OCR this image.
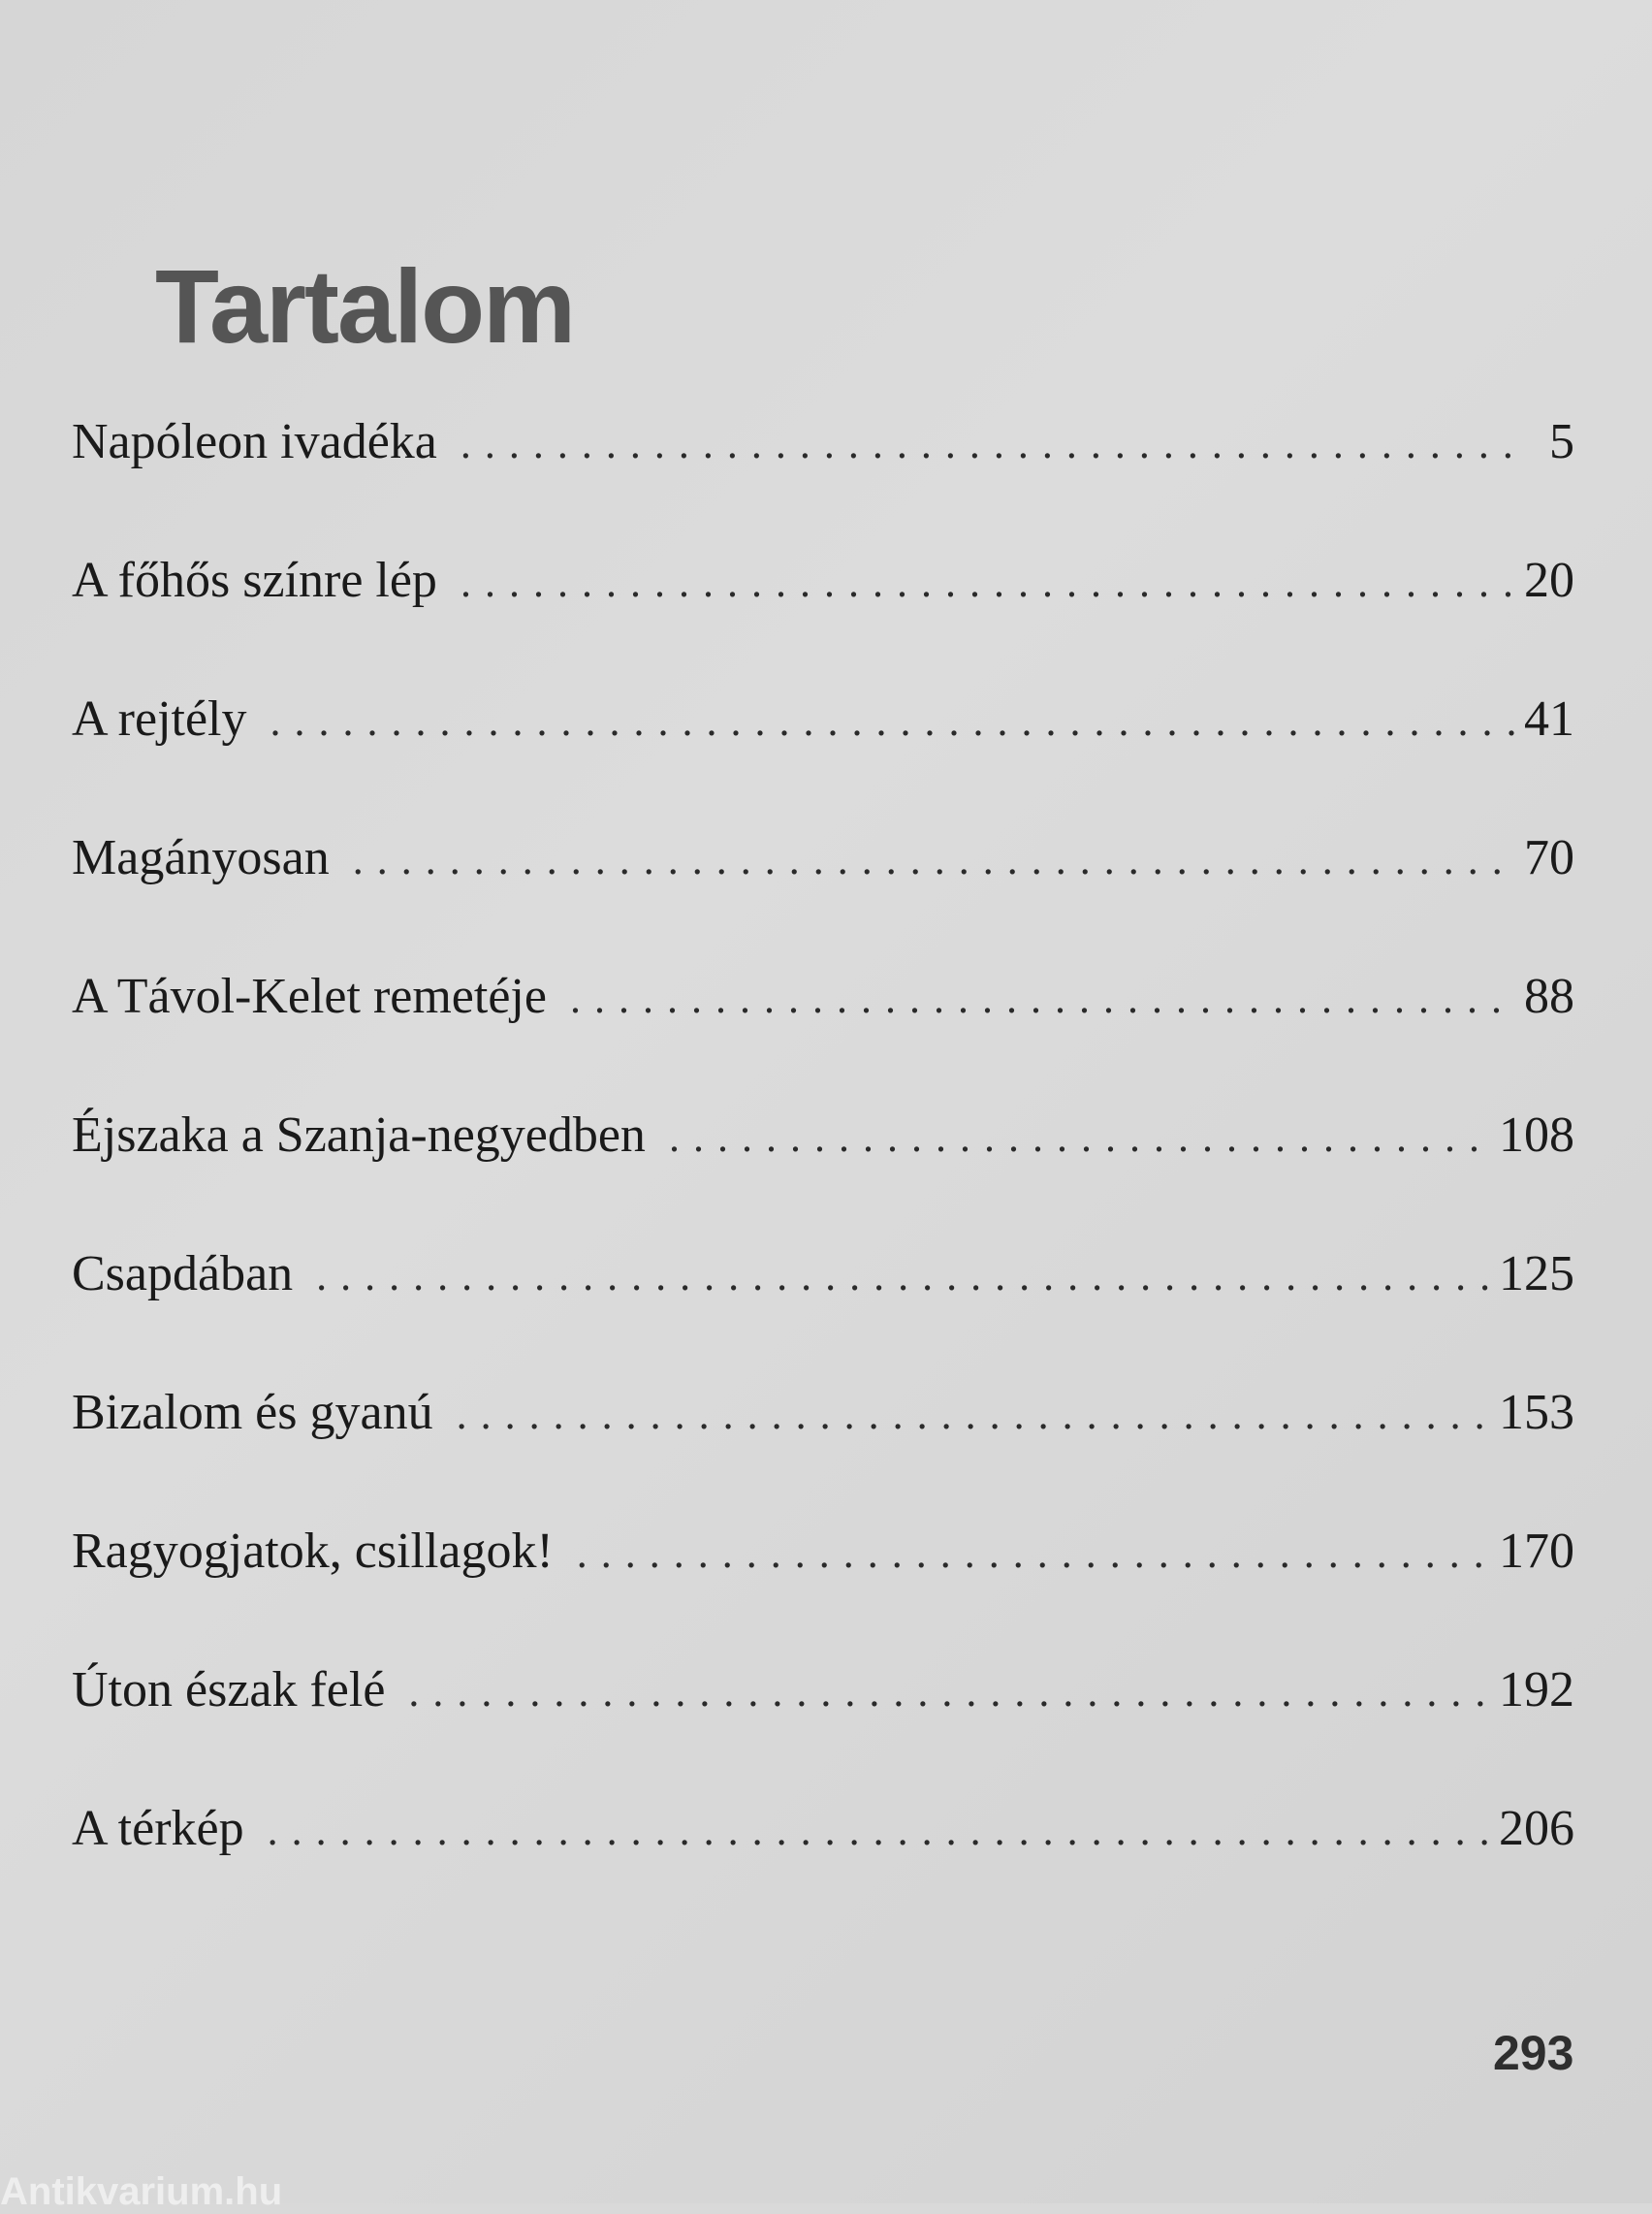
Tartalom
Napóleon ivadéka . . .	5
A főhős színre lép . . .	20
A rejtély . . .	41
Magányosan . . .	70
A Távol-Kelet remetéje . . .	88
Éjszaka a Szanja-negyedben . . .	108
Csapdában . . .	125
Bizalom és gyanú . . .	153
Ragyogjatok, csillagok! . . .	170
Úton észak felé . . .	192
A térkép . . .	206
293
Antikvarium.hu
